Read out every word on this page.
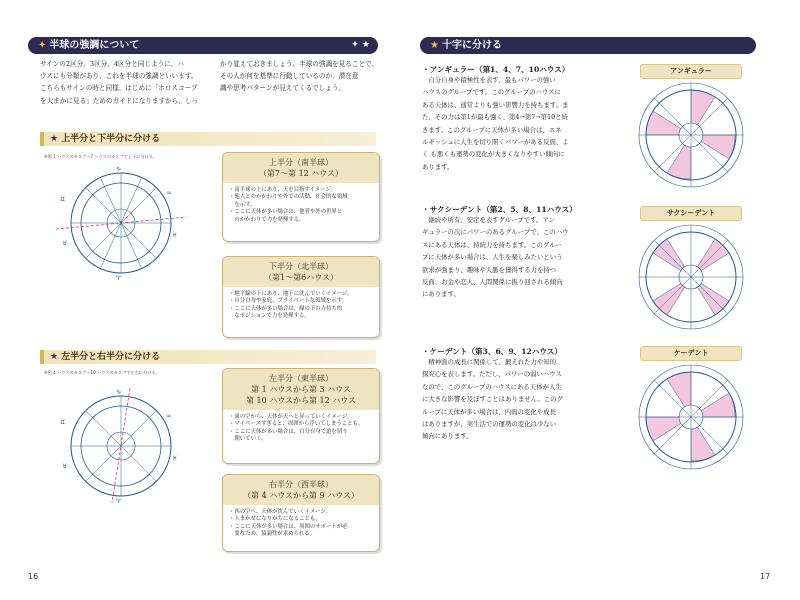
✦ 半球の強調について	✦ ★
サインの2区分、3区分、4区分と同じように、ハ
ウスにも分類があり、これを半球の強調といいます。
こちらもサインの時と同様、はじめに「ホロスコープ
を大まかに見る」ためのガイドになりますから、しっ
かり覚えておきましょう。半球の強調を見ることで、
その人が何を基準に行動しているのか、潜在意
識や思考パターンが見えてくるでしょう。
★ 上半分と下半分に分ける
※図 1 ハウスのカスプ〜7 ハウスのカスプで上下に分ける。
♑
♒
♓
♈
♉
♊
上半分（南半球）
（第7〜第 12 ハウス）
・南半球の上にあり、天を目指すイメージ。
・他人とのかかわりや外での活動、社会的な領域
　を示す。
・ここに天体が多い場合は、他者や外の世界と
　のかかわりで力を発揮する。
下半分（北半球）
（第1〜第6ハウス）
・地平線の下にあり、地下に沈んでいくイメージ。
・自分自身や家庭、プライベートな領域を示す。
・ここに天体が多い場合は、縁の下の力持ち的
　なポジションで力を発揮する。
★ 左半分と右半分に分ける
※図 4 ハウスのカスプ〜10 ハウスのカスプで左右に分ける。
♑
♒
♓
♈
♉
♊
左半分（東半球）
第 1 ハウスから第 3 ハウス
第 10 ハウスから第 12 ハウス
・東の空から、天体が天へと昇っていくイメージ。
・マイペースすぎると、周囲から浮いてしまうことも。
・ここに天体が多い場合は、自分自身で道を切り
　開いていく。
右半分（西半球）
（第 4 ハウスから第 9 ハウス）
・西の空へ、天体が沈んでいくイメージ。
・人まかせになりがちになることも。
・ここに天体が多い場合は、周囲のサポートが必
　要なため、協調性が求められる。
16
★ 十字に分ける
・アンギュラー（第1、4、7、10ハウス）
　自分自身や積極性を表す、最もパワーの強い
ハウスのグループです。このグループのハウスに
ある天体は、通常よりも強い影響力を持ちます。ま
た、その力は第1が最も強く、第4→第7→第10と続
きます。このグループに天体が多い場合は、エネ
ルギッシュに人生を切り開くパワーがある反面、よ
く も悪くも運勢の変化が大きくなりやすい傾向に
あります。
・サクシーデント（第2、5、8、11ハウス）
　継続や所有、安定を表すグループです。アン
ギュラーの次にパワーのあるグループで、このハウ
スにある天体は、持続力を持ちます。このグルー
プに天体が多い場合は、人生を楽しみたいという
欲求が強まり、趣味や人脈を獲得する力を持つ
反面、お金や恋人、人間関係に振り回される傾向
にあります。
・ケーデント（第3、6、9、12ハウス）
　精神面の成長に関係して、鍛えれた力や知的
探究心を表します。ただし、パワーの弱いハウス
なので、このグループのハウスにある天体が人生
に大きな影響を及ぼすことはありません。このグ
ループに天体が多い場合は、内面の変化や成長
はありますが、実生活での運勢の変化は少ない
傾向にあります。
アンギュラー
サクシーデント
ケーデント
17
